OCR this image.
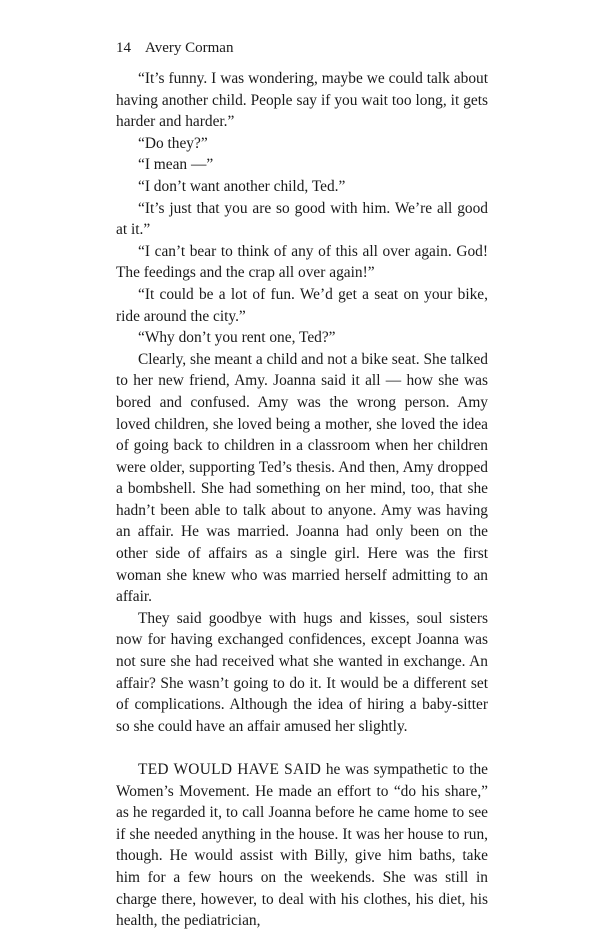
14 Avery Corman

“It’s funny. I was wondering, maybe we could talk about having another child. People say if you wait too long, it gets harder and harder.”

“Do they?”

“I mean —”

“I don’t want another child, Ted.”

“It’s just that you are so good with him. We’re all good at it.”

“I can’t bear to think of any of this all over again. God! The feedings and the crap all over again!”

“It could be a lot of fun. We’d get a seat on your bike, ride around the city.”

“Why don’t you rent one, Ted?”

Clearly, she meant a child and not a bike seat. She talked to her new friend, Amy. Joanna said it all — how she was bored and confused. Amy was the wrong person. Amy loved children, she loved being a mother, she loved the idea of going back to children in a classroom when her children were older, supporting Ted’s thesis. And then, Amy dropped a bombshell. She had something on her mind, too, that she hadn’t been able to talk about to anyone. Amy was having an affair. He was married. Joanna had only been on the other side of affairs as a single girl. Here was the first woman she knew who was married herself admitting to an affair.

They said goodbye with hugs and kisses, soul sisters now for having exchanged confidences, except Joanna was not sure she had received what she wanted in exchange. An affair? She wasn’t going to do it. It would be a different set of complications. Although the idea of hiring a baby-sitter so she could have an affair amused her slightly.

TED WOULD HAVE SAID he was sympathetic to the Women’s Movement. He made an effort to “do his share,” as he regarded it, to call Joanna before he came home to see if she needed anything in the house. It was her house to run, though. He would assist with Billy, give him baths, take him for a few hours on the weekends. She was still in charge there, however, to deal with his clothes, his diet, his health, the pediatrician,
